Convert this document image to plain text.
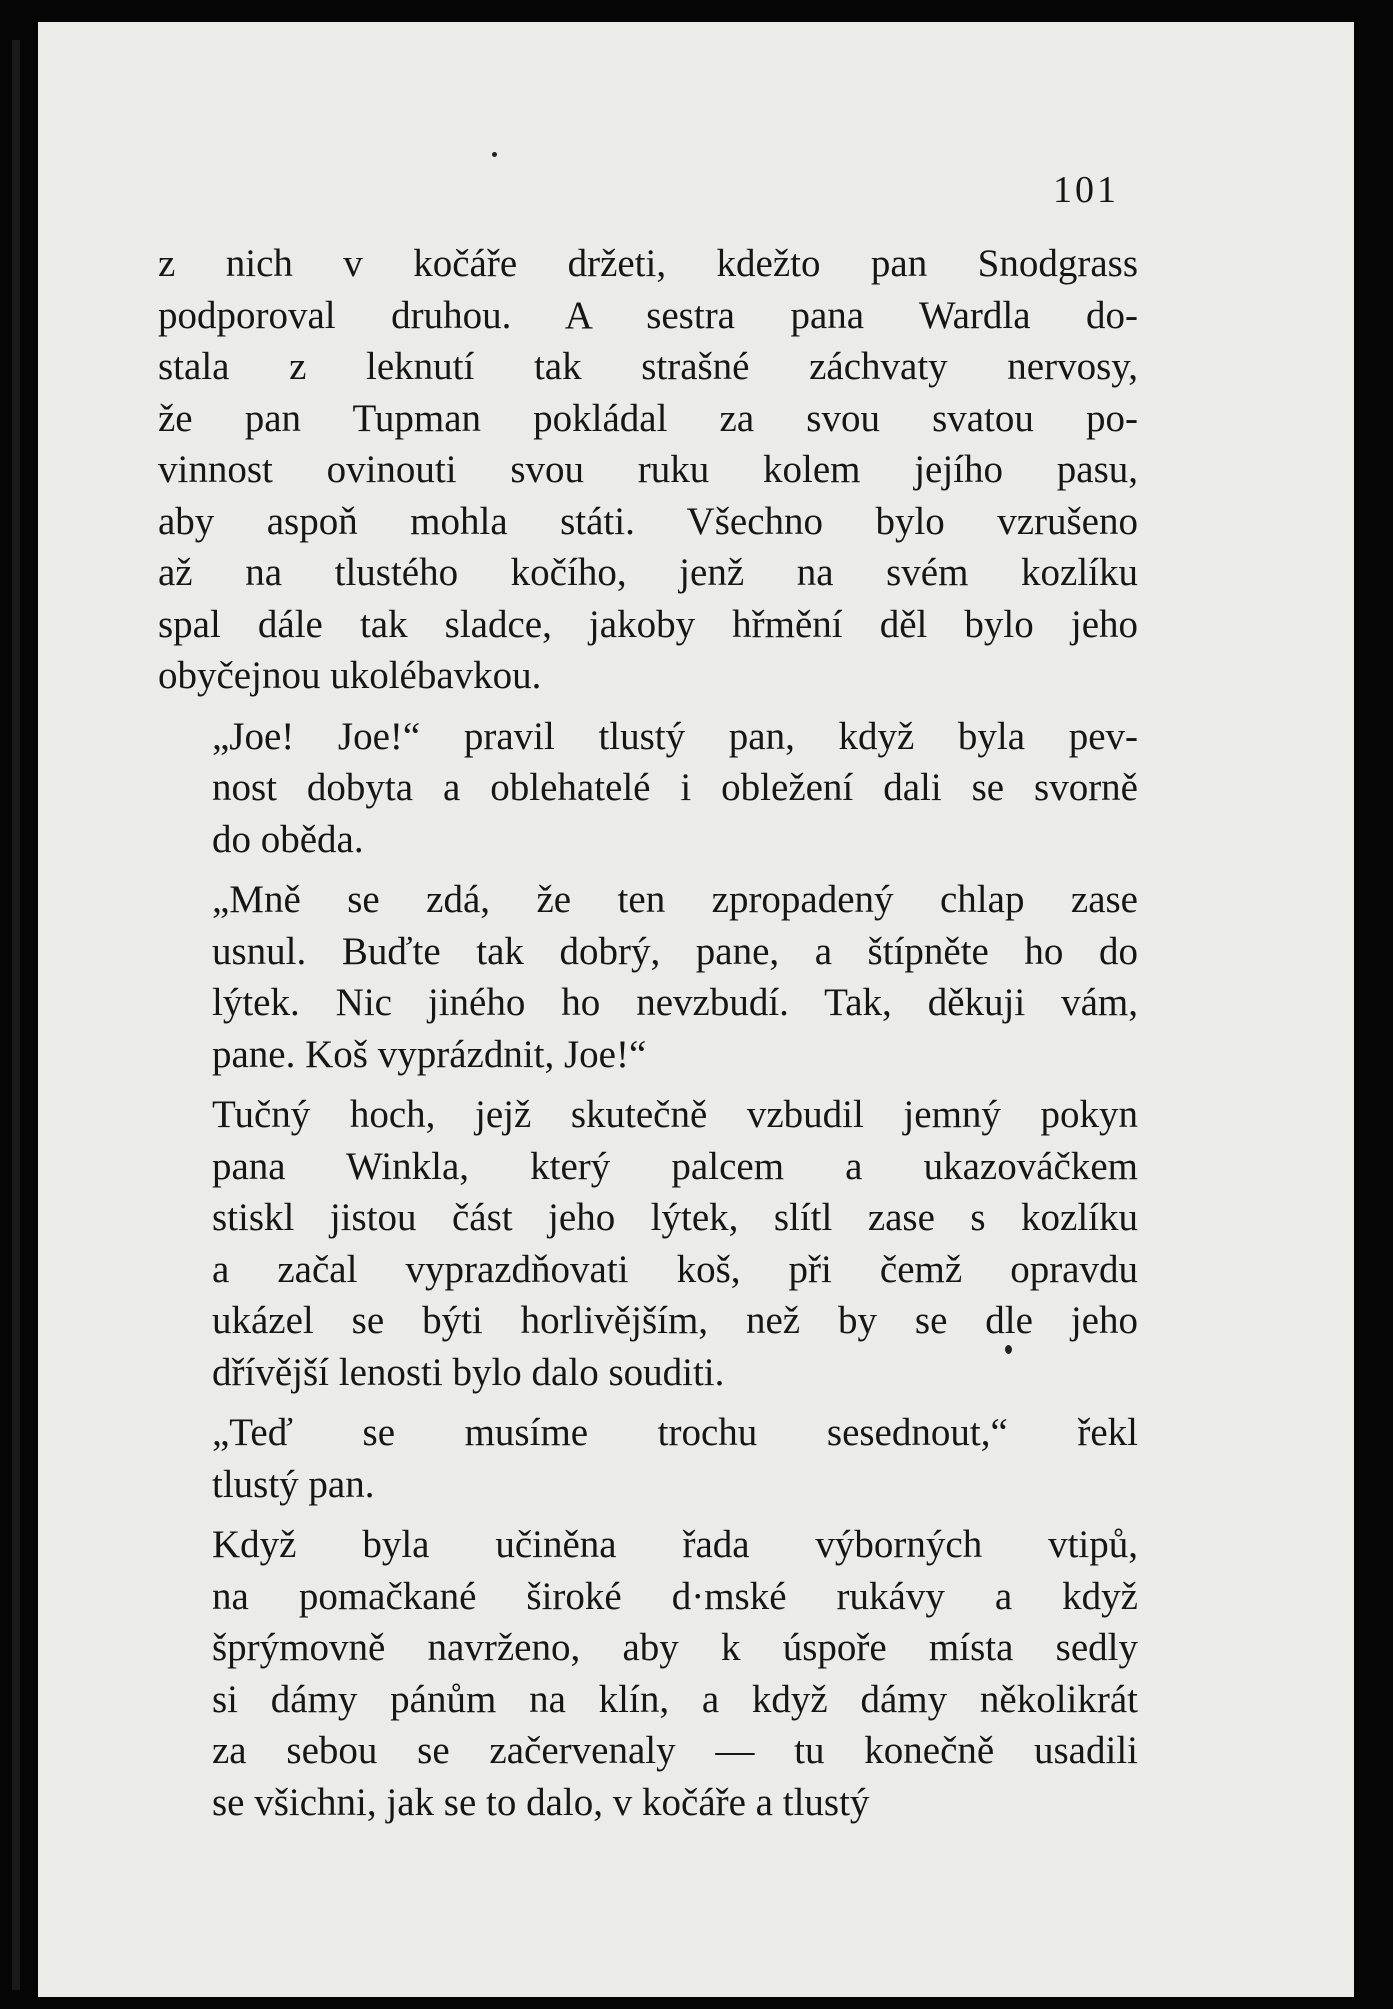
101
z nich v kočáře držeti, kdežto pan Snodgrass
podporoval druhou. A sestra pana Wardla do-
stala z leknutí tak strašné záchvaty nervosy,
že pan Tupman pokládal za svou svatou po-
vinnost ovinouti svou ruku kolem jejího pasu,
aby aspoň mohla státi. Všechno bylo vzrušeno
až na tlustého kočího, jenž na svém kozlíku
spal dále tak sladce, jakoby hřmění děl bylo jeho
obyčejnou ukolébavkou.
„Joe! Joe!“ pravil tlustý pan, když byla pev-
nost dobyta a oblehatelé i obležení dali se svorně
do oběda.
„Mně se zdá, že ten zpropadený chlap zase
usnul. Buďte tak dobrý, pane, a štípněte ho do
lýtek. Nic jiného ho nevzbudí. Tak, děkuji vám,
pane. Koš vyprázdnit, Joe!“
Tučný hoch, jejž skutečně vzbudil jemný pokyn
pana Winkla, který palcem a ukazováčkem
stiskl jistou část jeho lýtek, slítl zase s kozlíku
a začal vyprazdňovati koš, při čemž opravdu
ukázel se býti horlivějším, než by se dle jeho
dřívější lenosti bylo dalo souditi.
„Teď se musíme trochu sesednout,“ řekl
tlustý pan.
Když byla učiněna řada výborných vtipů,
na pomačkané široké d·mské rukávy a když
šprýmovně navrženo, aby k úspoře místa sedly
si dámy pánům na klín, a když dámy několikrát
za sebou se začervenaly — tu konečně usadili
se všichni, jak se to dalo, v kočáře a tlustý
